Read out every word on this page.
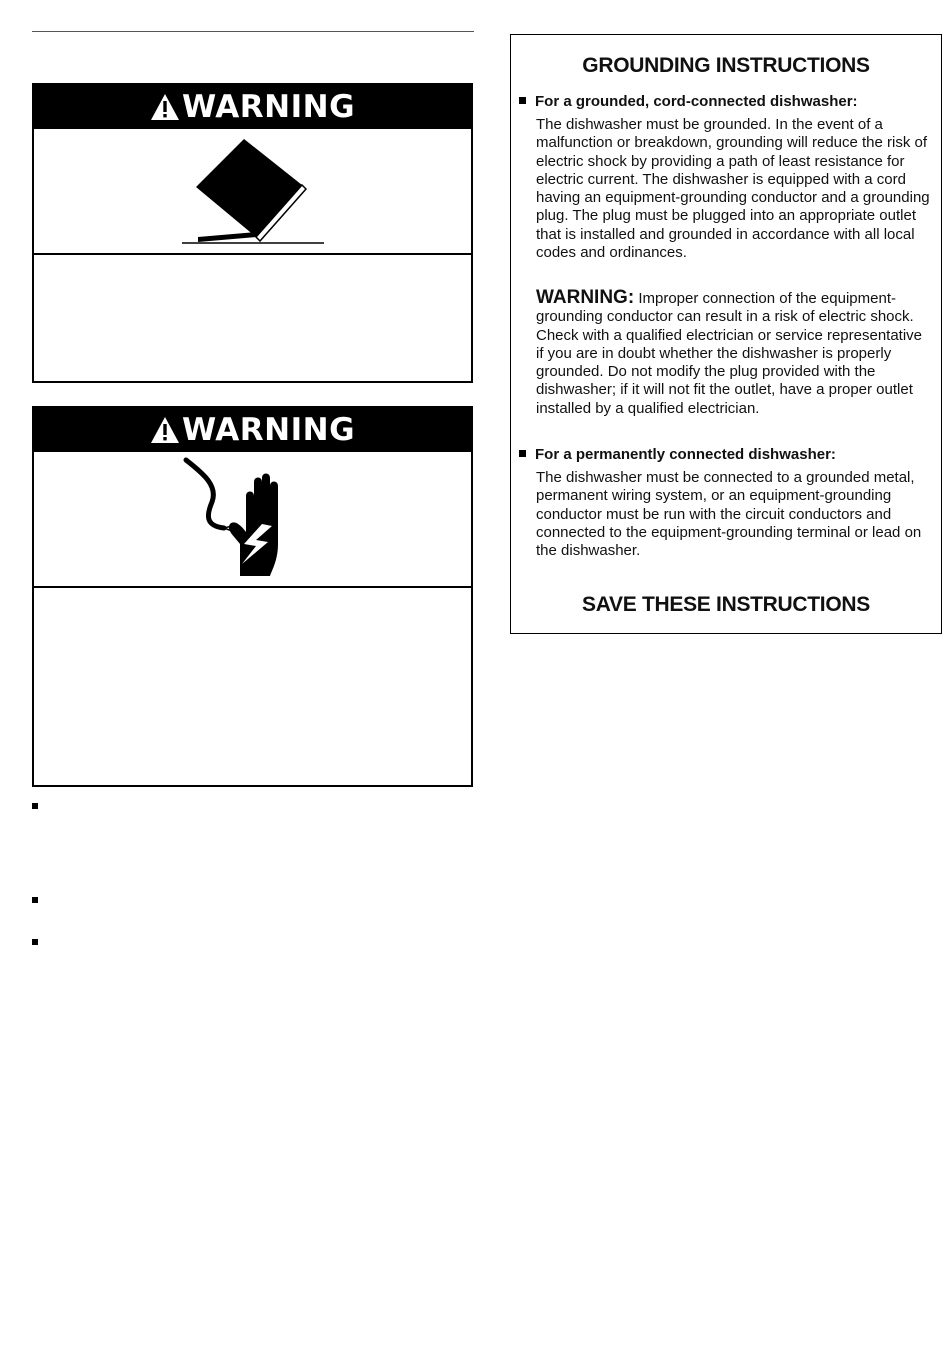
WARNING
WARNING
GROUNDING INSTRUCTIONS
For a grounded, cord-connected dishwasher:

The dishwasher must be grounded. In the event of a malfunction or breakdown, grounding will reduce the risk of electric shock by providing a path of least resistance for electric current. The dishwasher is equipped with a cord having an equipment-grounding conductor and a grounding plug. The plug must be plugged into an appropriate outlet that is installed and grounded in accordance with all local codes and ordinances.

WARNING: Improper connection of the equipment-grounding conductor can result in a risk of electric shock. Check with a qualified electrician or service representative if you are in doubt whether the dishwasher is properly grounded. Do not modify the plug provided with the dishwasher; if it will not fit the outlet, have a proper outlet installed by a qualified electrician.

For a permanently connected dishwasher:

The dishwasher must be connected to a grounded metal, permanent wiring system, or an equipment-grounding conductor must be run with the circuit conductors and connected to the equipment-grounding terminal or lead on the dishwasher.

SAVE THESE INSTRUCTIONS
